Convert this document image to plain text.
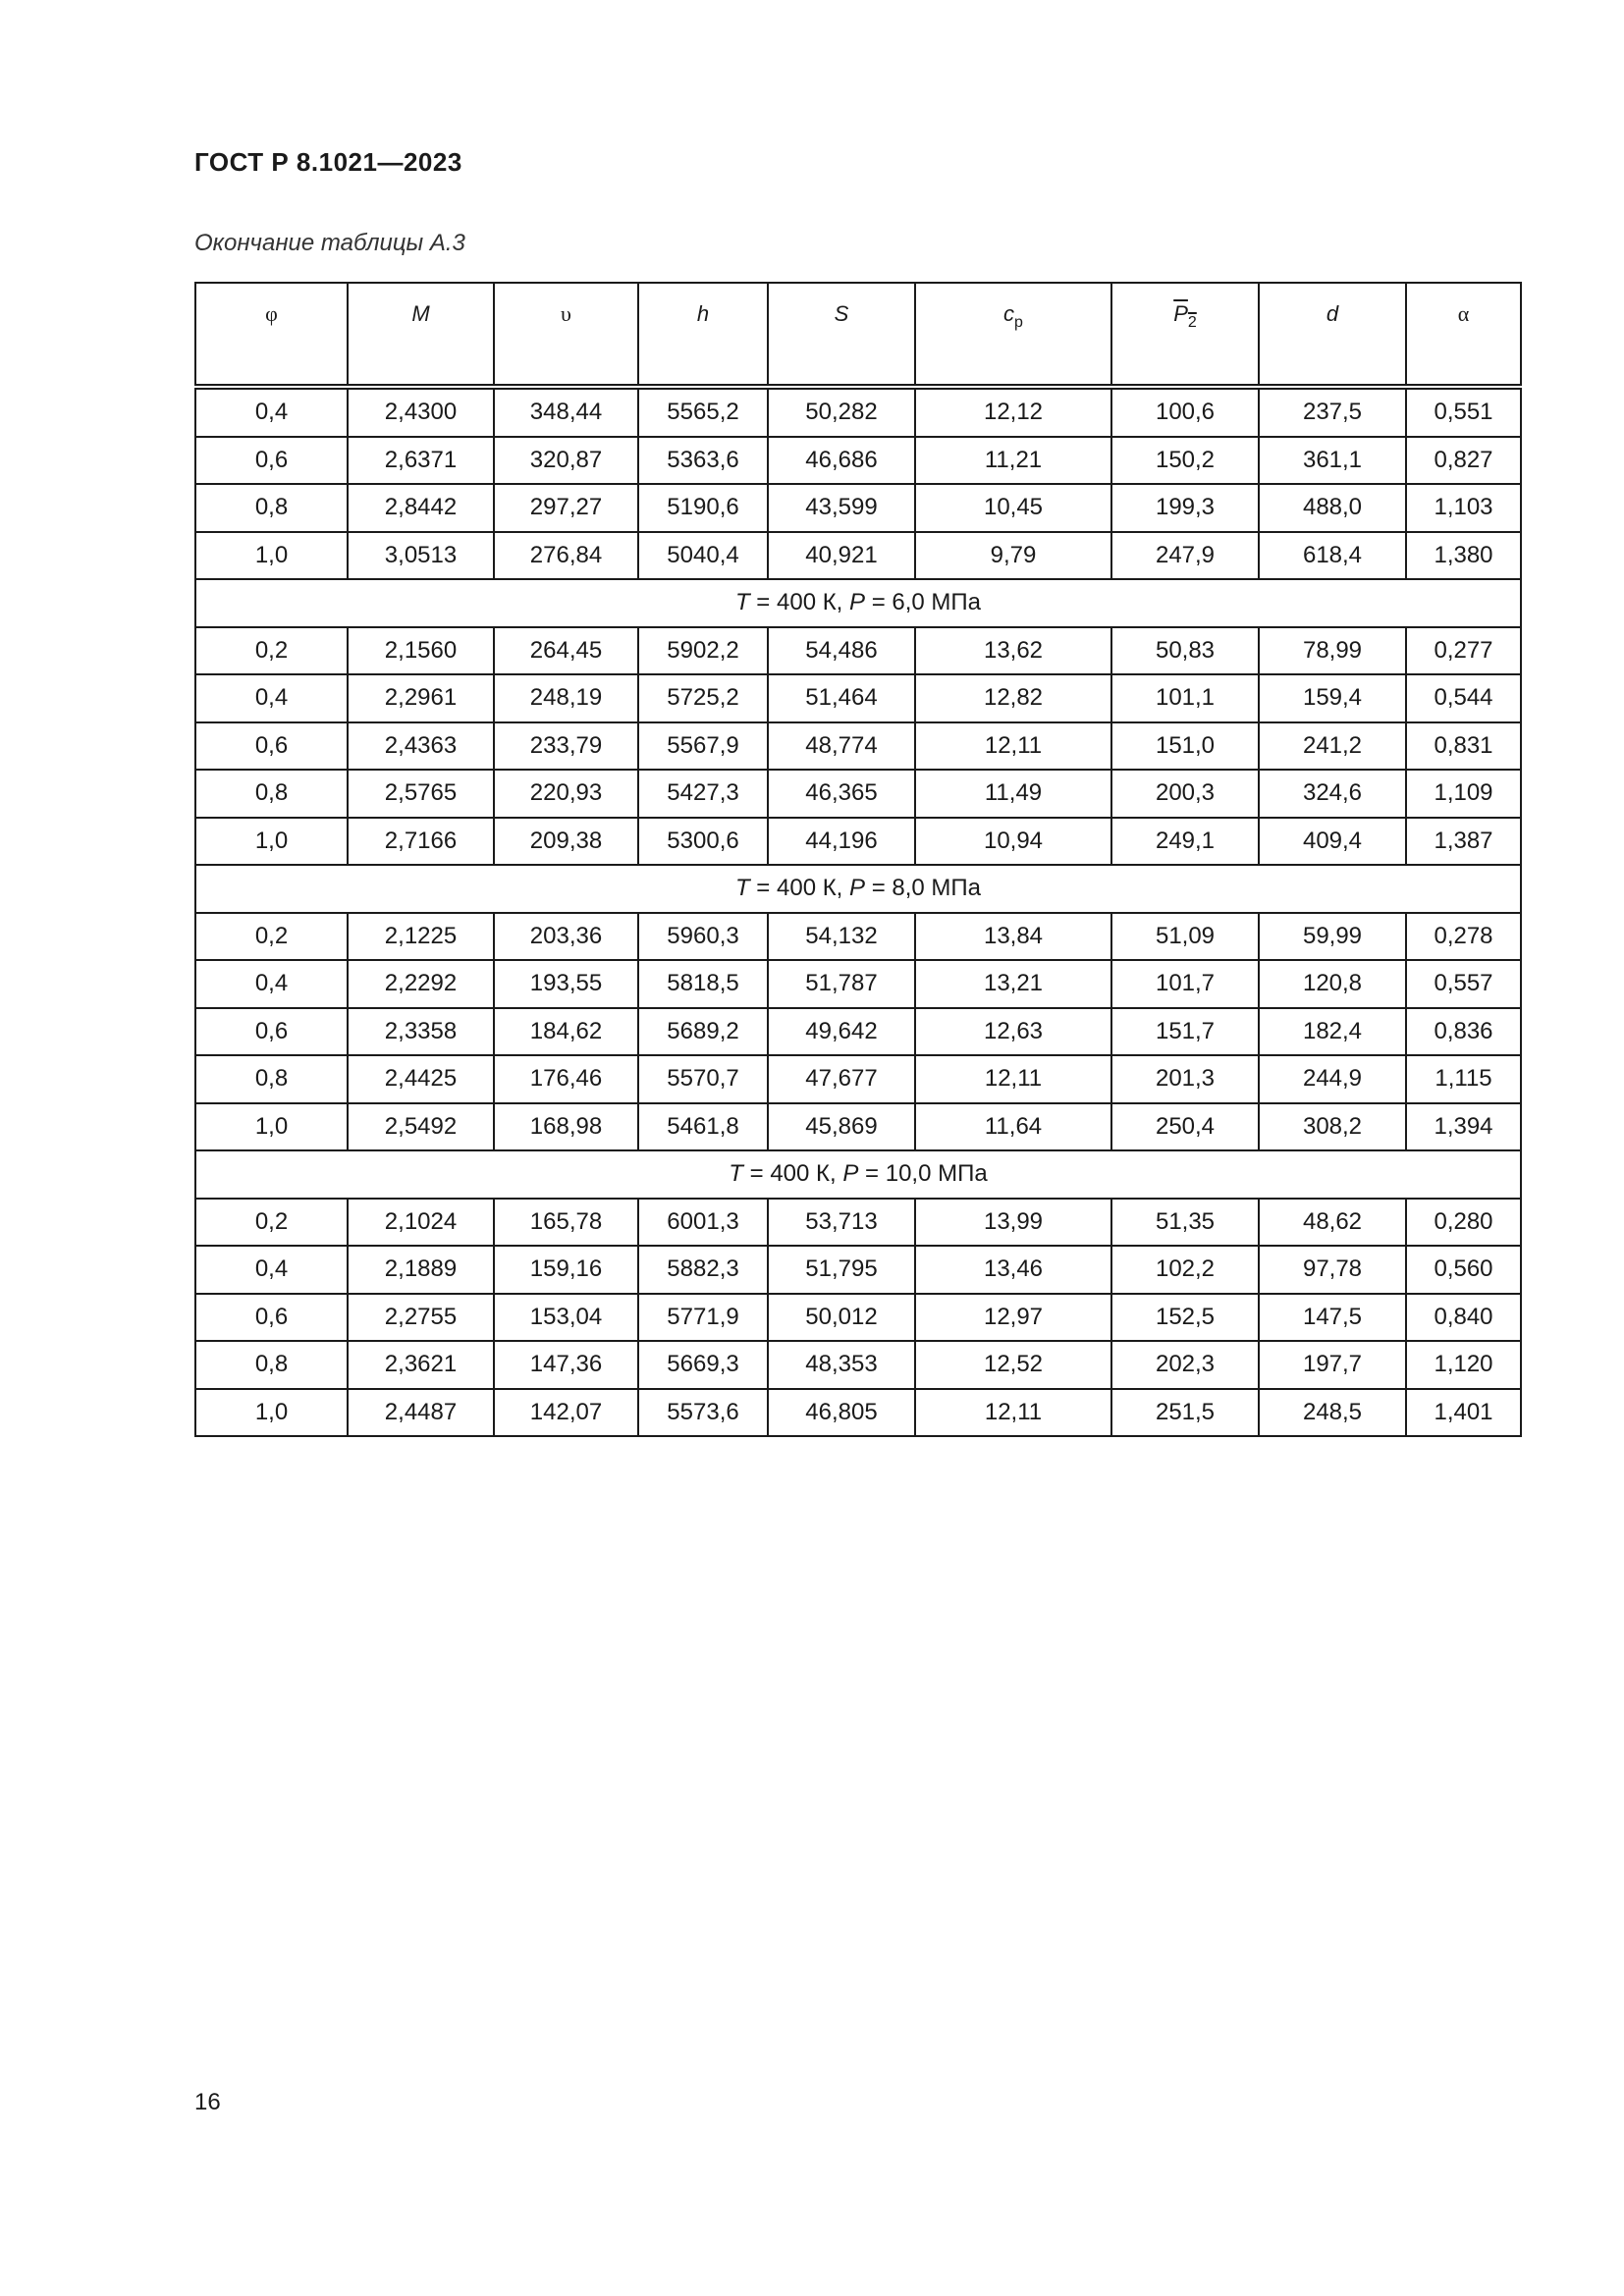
ГОСТ Р 8.1021—2023
Окончание таблицы А.3
φ	M	υ	h	S	$c_p$	$P_2$	d	α
0,4	2,4300	348,44	5565,2	50,282	12,12	100,6	237,5	0,551
0,6	2,6371	320,87	5363,6	46,686	11,21	150,2	361,1	0,827
0,8	2,8442	297,27	5190,6	43,599	10,45	199,3	488,0	1,103
1,0	3,0513	276,84	5040,4	40,921	9,79	247,9	618,4	1,380
T = 400 К, P = 6,0 МПа								
0,2	2,1560	264,45	5902,2	54,486	13,62	50,83	78,99	0,277
0,4	2,2961	248,19	5725,2	51,464	12,82	101,1	159,4	0,544
0,6	2,4363	233,79	5567,9	48,774	12,11	151,0	241,2	0,831
0,8	2,5765	220,93	5427,3	46,365	11,49	200,3	324,6	1,109
1,0	2,7166	209,38	5300,6	44,196	10,94	249,1	409,4	1,387
T = 400 К, P = 8,0 МПа								
0,2	2,1225	203,36	5960,3	54,132	13,84	51,09	59,99	0,278
0,4	2,2292	193,55	5818,5	51,787	13,21	101,7	120,8	0,557
0,6	2,3358	184,62	5689,2	49,642	12,63	151,7	182,4	0,836
0,8	2,4425	176,46	5570,7	47,677	12,11	201,3	244,9	1,115
1,0	2,5492	168,98	5461,8	45,869	11,64	250,4	308,2	1,394
T = 400 К, P = 10,0 МПа								
0,2	2,1024	165,78	6001,3	53,713	13,99	51,35	48,62	0,280
0,4	2,1889	159,16	5882,3	51,795	13,46	102,2	97,78	0,560
0,6	2,2755	153,04	5771,9	50,012	12,97	152,5	147,5	0,840
0,8	2,3621	147,36	5669,3	48,353	12,52	202,3	197,7	1,120
1,0	2,4487	142,07	5573,6	46,805	12,11	251,5	248,5	1,401
16
